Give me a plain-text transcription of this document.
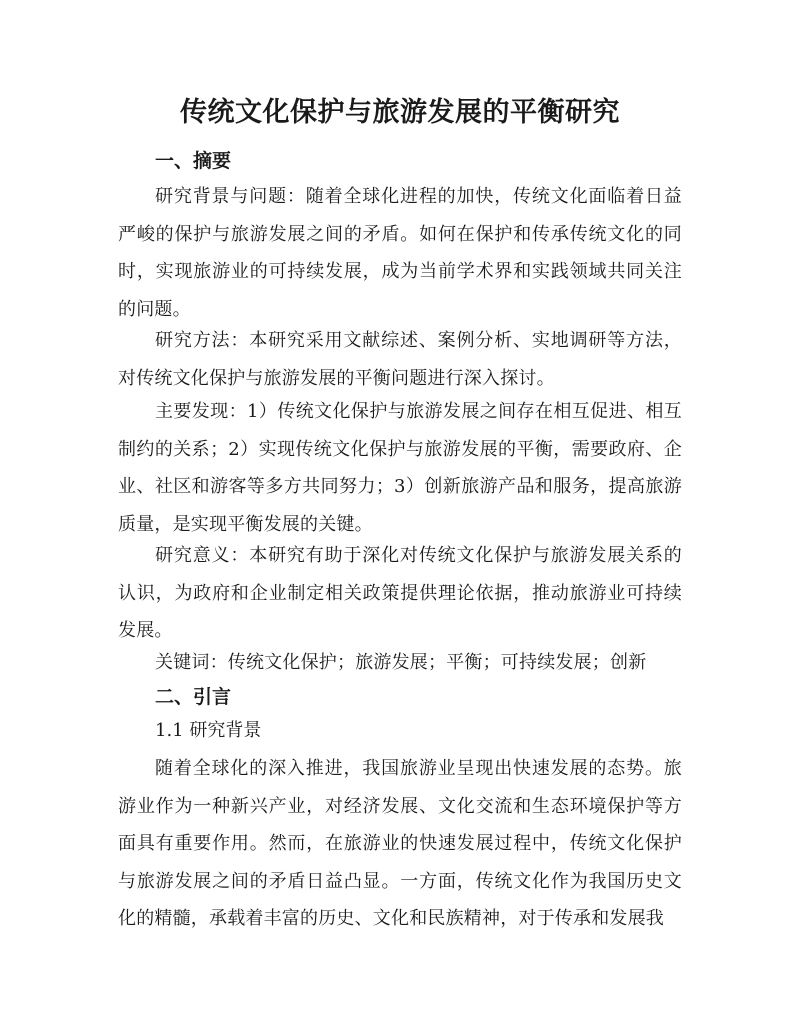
传统文化保护与旅游发展的平衡研究
一、摘要
研究背景与问题：随着全球化进程的加快，传统文化面临着日益严峻的保护与旅游发展之间的矛盾。如何在保护和传承传统文化的同时，实现旅游业的可持续发展，成为当前学术界和实践领域共同关注的问题。
研究方法：本研究采用文献综述、案例分析、实地调研等方法，对传统文化保护与旅游发展的平衡问题进行深入探讨。
主要发现：1）传统文化保护与旅游发展之间存在相互促进、相互制约的关系；2）实现传统文化保护与旅游发展的平衡，需要政府、企业、社区和游客等多方共同努力；3）创新旅游产品和服务，提高旅游质量，是实现平衡发展的关键。
研究意义：本研究有助于深化对传统文化保护与旅游发展关系的认识，为政府和企业制定相关政策提供理论依据，推动旅游业可持续发展。
关键词：传统文化保护；旅游发展；平衡；可持续发展；创新
二、引言
1.1 研究背景
随着全球化的深入推进，我国旅游业呈现出快速发展的态势。旅游业作为一种新兴产业，对经济发展、文化交流和生态环境保护等方面具有重要作用。然而，在旅游业的快速发展过程中，传统文化保护与旅游发展之间的矛盾日益凸显。一方面，传统文化作为我国历史文化的精髓，承载着丰富的历史、文化和民族精神，对于传承和发展我
